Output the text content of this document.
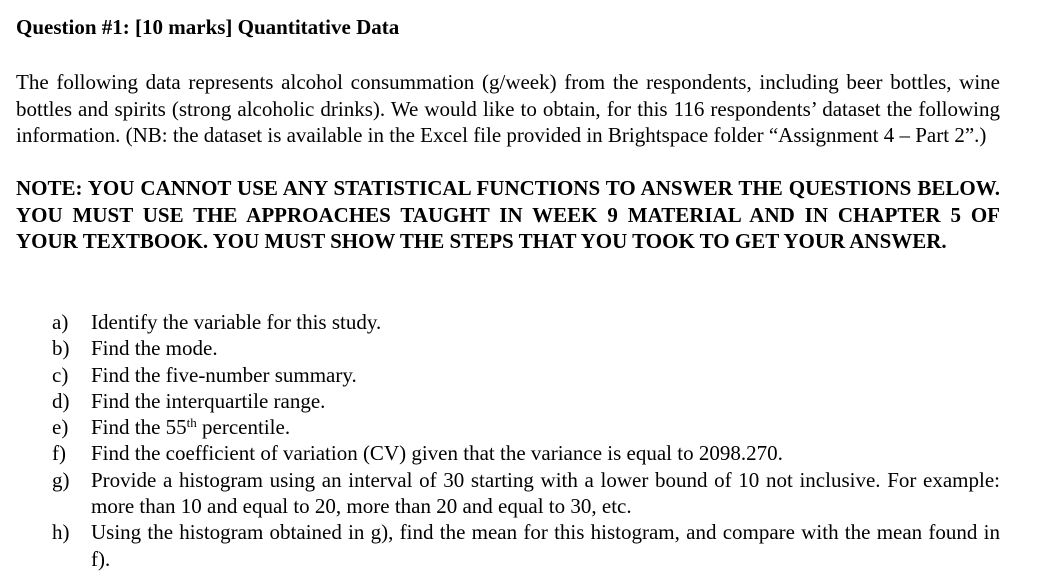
Question #1: [10 marks] Quantitative Data
The following data represents alcohol consummation (g/week) from the respondents, including beer bottles, wine bottles and spirits (strong alcoholic drinks). We would like to obtain, for this 116 respondents’ dataset the following information. (NB: the dataset is available in the Excel file provided in Brightspace folder “Assignment 4 – Part 2”.)
NOTE: YOU CANNOT USE ANY STATISTICAL FUNCTIONS TO ANSWER THE QUESTIONS BELOW. YOU MUST USE THE APPROACHES TAUGHT IN WEEK 9 MATERIAL AND IN CHAPTER 5 OF YOUR TEXTBOOK. YOU MUST SHOW THE STEPS THAT YOU TOOK TO GET YOUR ANSWER.
a) Identify the variable for this study.
b) Find the mode.
c) Find the five-number summary.
d) Find the interquartile range.
e) Find the 55th percentile.
f) Find the coefficient of variation (CV) given that the variance is equal to 2098.270.
g) Provide a histogram using an interval of 30 starting with a lower bound of 10 not inclusive. For example: more than 10 and equal to 20, more than 20 and equal to 30, etc.
h) Using the histogram obtained in g), find the mean for this histogram, and compare with the mean found in f).
